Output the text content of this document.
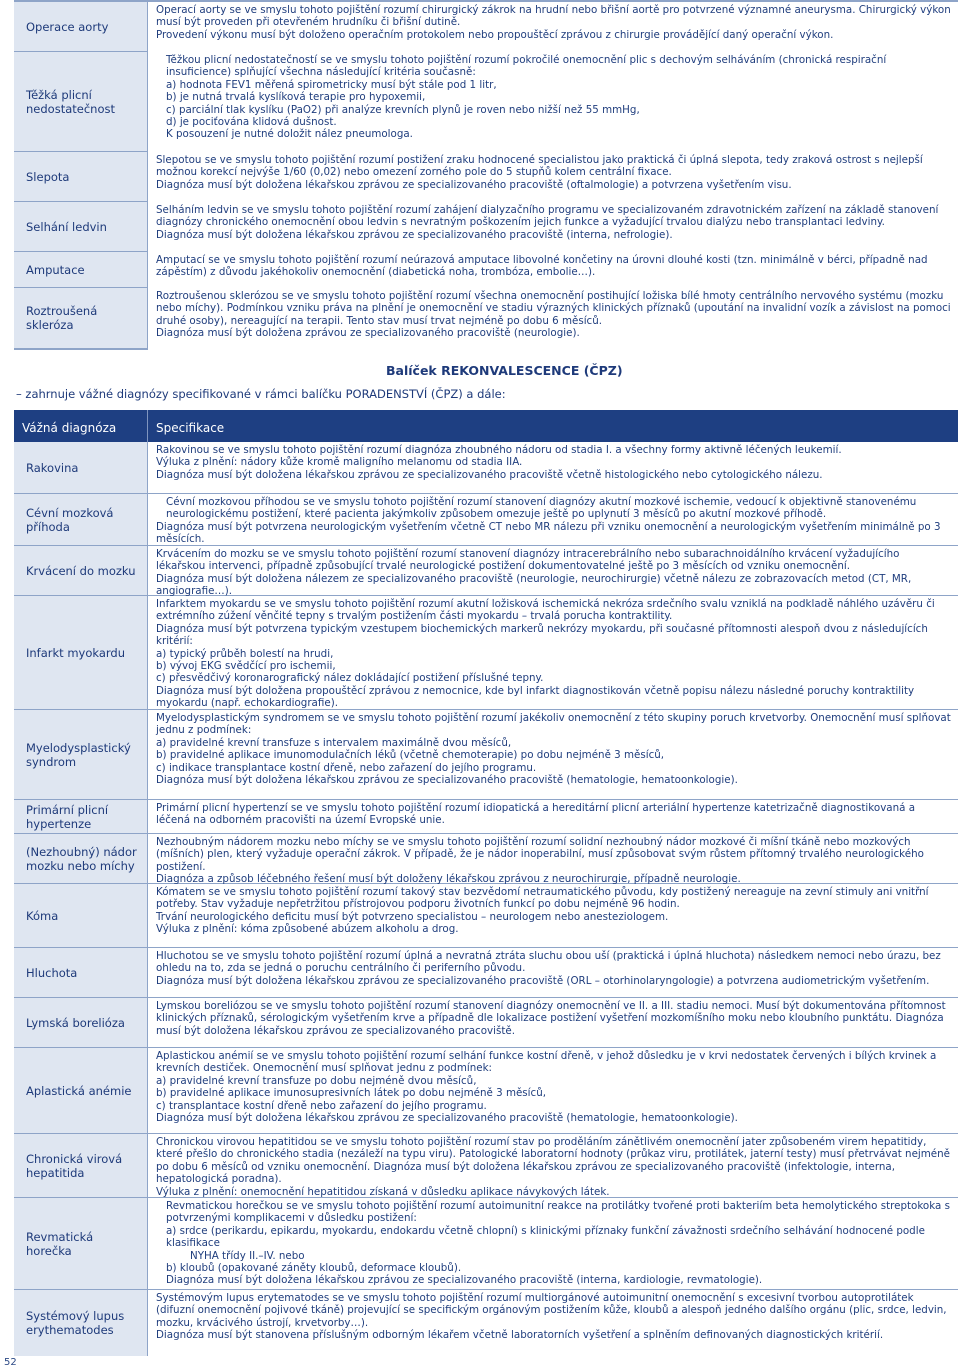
Operace aorty

Operací aorty se ve smyslu tohoto pojištění rozumí chirurgický zákrok na hrudní nebo břišní aortě pro potvrzené významné aneurysma. Chirurgický výkon musí být proveden při otevřeném hrudníku či břišní dutině.

Provedení výkonu musí být doloženo operačním protokolem nebo propouštěcí zprávou z chirurgie provádějící daný operační výkon.

Těžká plicní nedostatečnost

Těžkou plicní nedostatečností se ve smyslu tohoto pojištění rozumí pokročilé onemocnění plic s dechovým selháváním (chronická respirační insuficience) splňující všechna následující kritéria současně:

a) hodnota FEV1 měřená spirometricky musí být stále pod 1 litr,

b) je nutná trvalá kyslíková terapie pro hypoxemii,

c) parciální tlak kyslíku (PaO2) při analýze krevních plynů je roven nebo nižší než 55 mmHg,

d) je pociťována klidová dušnost.

K posouzení je nutné doložit nález pneumologa.

Slepota

Slepotou se ve smyslu tohoto pojištění rozumí postižení zraku hodnocené specialistou jako praktická či úplná slepota, tedy zraková ostrost s nejlepší možnou korekcí nejvýše 1/60 (0,02) nebo omezení zorného pole do 5 stupňů kolem centrální fixace.

Diagnóza musí být doložena lékařskou zprávou ze specializovaného pracoviště (oftalmologie) a potvrzena vyšetřením visu.

Selhání ledvin

Selháním ledvin se ve smyslu tohoto pojištění rozumí zahájení dialyzačního programu ve specializovaném zdravotnickém zařízení na základě stanovení diagnózy chronického onemocnění obou ledvin s nevratným poškozením jejich funkce a vyžadující trvalou dialýzu nebo transplantaci ledviny.

Diagnóza musí být doložena lékařskou zprávou ze specializovaného pracoviště (interna, nefrologie).

Amputace

Amputací se ve smyslu tohoto pojištění rozumí neúrazová amputace libovolné končetiny na úrovni dlouhé kosti (tzn. minimálně v bérci, případně nad zápěstím) z důvodu jakéhokoliv onemocnění (diabetická noha, trombóza, embolie…).

Roztroušená skleróza

Roztroušenou sklerózou se ve smyslu tohoto pojištění rozumí všechna onemocnění postihující ložiska bílé hmoty centrálního nervového systému (mozku nebo míchy). Podmínkou vzniku práva na plnění je onemocnění ve stadiu výrazných klinických příznaků (upoutání na invalidní vozík a závislost na pomoci druhé osoby), nereagující na terapii. Tento stav musí trvat nejméně po dobu 6 měsíců.

Diagnóza musí být doložena zprávou ze specializovaného pracoviště (neurologie).

Balíček REKONVALESCENCE (ČPZ)
– zahrnuje vážné diagnózy specifikované v rámci balíčku PORADENSTVÍ (ČPZ) a dále:
Vážná diagnóza	Specifikace
Rakovina

Rakovinou se ve smyslu tohoto pojištění rozumí diagnóza zhoubného nádoru od stadia I. a všechny formy aktivně léčených leukemií.

Výluka z plnění: nádory kůže kromě maligního melanomu od stadia IIA.

Diagnóza musí být doložena lékařskou zprávou ze specializovaného pracoviště včetně histologického nebo cytologického nálezu.

Cévní mozková příhoda

Cévní mozkovou příhodou se ve smyslu tohoto pojištění rozumí stanovení diagnózy akutní mozkové ischemie, vedoucí k objektivně stanovenému neurologickému postižení, které pacienta jakýmkoliv způsobem omezuje ještě po uplynutí 3 měsíců po akutní mozkové příhodě.

Diagnóza musí být potvrzena neurologickým vyšetřením včetně CT nebo MR nálezu při vzniku onemocnění a neurologickým vyšetřením minimálně po 3 měsících.

Krvácení do mozku

Krvácením do mozku se ve smyslu tohoto pojištění rozumí stanovení diagnózy intracerebrálního nebo subarachnoidálního krvácení vyžadujícího lékařskou intervenci, případně způsobující trvalé neurologické postižení dokumentovatelné ještě po 3 měsících od vzniku onemocnění.

Diagnóza musí být doložena nálezem ze specializovaného pracoviště (neurologie, neurochirurgie) včetně nálezu ze zobrazovacích metod (CT, MR, angiografie…).

Infarkt myokardu

Infarktem myokardu se ve smyslu tohoto pojištění rozumí akutní ložisková ischemická nekróza srdečního svalu vzniklá na podkladě náhlého uzávěru či extrémního zúžení věnčité tepny s trvalým postižením části myokardu – trvalá porucha kontraktility.

Diagnóza musí být potvrzena typickým vzestupem biochemických markerů nekrózy myokardu, při současné přítomnosti alespoň dvou z následujících kritérií:

a) typický průběh bolestí na hrudi,

b) vývoj EKG svědčící pro ischemii,

c) přesvědčivý koronarografický nález dokládající postižení příslušné tepny.

Diagnóza musí být doložena propouštěcí zprávou z nemocnice, kde byl infarkt diagnostikován včetně popisu nálezu následné poruchy kontraktility myokardu (např. echokardiografie).

Myelodysplastický syndrom

Myelodysplastickým syndromem se ve smyslu tohoto pojištění rozumí jakékoliv onemocnění z této skupiny poruch krvetvorby. Onemocnění musí splňovat jednu z podmínek:

a) pravidelné krevní transfuze s intervalem maximálně dvou měsíců,

b) pravidelné aplikace imunomodulačních léků (včetně chemoterapie) po dobu nejméně 3 měsíců,

c) indikace transplantace kostní dřeně, nebo zařazení do jejího programu.

Diagnóza musí být doložena lékařskou zprávou ze specializovaného pracoviště (hematologie, hematoonkologie).

Primární plicní hypertenze

Primární plicní hypertenzí se ve smyslu tohoto pojištění rozumí idiopatická a hereditární plicní arteriální hypertenze katetrizačně diagnostikovaná a léčená na odborném pracovišti na území Evropské unie.

(Nezhoubný) nádor mozku nebo míchy

Nezhoubným nádorem mozku nebo míchy se ve smyslu tohoto pojištění rozumí solidní nezhoubný nádor mozkové či míšní tkáně nebo mozkových (míšních) plen, který vyžaduje operační zákrok. V případě, že je nádor inoperabilní, musí způsobovat svým růstem přítomný trvalého neurologického postižení.

Diagnóza a způsob léčebného řešení musí být doloženy lékařskou zprávou z neurochirurgie, případně neurologie.

Kóma

Kómatem se ve smyslu tohoto pojištění rozumí takový stav bezvědomí netraumatického původu, kdy postižený nereaguje na zevní stimuly ani vnitřní potřeby. Stav vyžaduje nepřetržitou přístrojovou podporu životních funkcí po dobu nejméně 96 hodin.

Trvání neurologického deficitu musí být potvrzeno specialistou – neurologem nebo anesteziologem.

Výluka z plnění: kóma způsobené abúzem alkoholu a drog.

Hluchota

Hluchotou se ve smyslu tohoto pojištění rozumí úplná a nevratná ztráta sluchu obou uší (praktická i úplná hluchota) následkem nemoci nebo úrazu, bez ohledu na to, zda se jedná o poruchu centrálního či periferního původu.

Diagnóza musí být doložena lékařskou zprávou ze specializovaného pracoviště (ORL – otorhinolaryngologie) a potvrzena audiometrickým vyšetřením.

Lymská borelióza

Lymskou boreliózou se ve smyslu tohoto pojištění rozumí stanovení diagnózy onemocnění ve II. a III. stadiu nemoci. Musí být dokumentována přítomnost klinických příznaků, sérologickým vyšetřením krve a případně dle lokalizace postižení vyšetření mozkomíšního moku nebo kloubního punktátu. Diagnóza musí být doložena lékařskou zprávou ze specializovaného pracoviště.

Aplastická anémie

Aplastickou anémií se ve smyslu tohoto pojištění rozumí selhání funkce kostní dřeně, v jehož důsledku je v krvi nedostatek červených i bílých krvinek a krevních destiček. Onemocnění musí splňovat jednu z podmínek:

a) pravidelné krevní transfuze po dobu nejméně dvou měsíců,

b) pravidelné aplikace imunosupresivních látek po dobu nejméně 3 měsíců,

c) transplantace kostní dřeně nebo zařazení do jejího programu.

Diagnóza musí být doložena lékařskou zprávou ze specializovaného pracoviště (hematologie, hematoonkologie).

Chronická virová hepatitida

Chronickou virovou hepatitidou se ve smyslu tohoto pojištění rozumí stav po proděláním zánětlivém onemocnění jater způsobeném virem hepatitidy, které přešlo do chronického stadia (nezáleží na typu viru). Patologické laboratorní hodnoty (průkaz viru, protilátek, jaterní testy) musí přetrvávat nejméně po dobu 6 měsíců od vzniku onemocnění. Diagnóza musí být doložena lékařskou zprávou ze specializovaného pracoviště (infektologie, interna, hepatologická poradna).

Výluka z plnění: onemocnění hepatitidou získaná v důsledku aplikace návykových látek.

Revmatická horečka

Revmatickou horečkou se ve smyslu tohoto pojištění rozumí autoimunitní reakce na protilátky tvořené proti bakteriím beta hemolytického streptokoka s potvrzenými komplikacemi v důsledku postižení:

a) srdce (perikardu, epikardu, myokardu, endokardu včetně chlopní) s klinickými příznaky funkční závažnosti srdečního selhávání hodnocené podle klasifikace

NYHA třídy II.–IV. nebo

b) kloubů (opakované záněty kloubů, deformace kloubů).

Diagnóza musí být doložena lékařskou zprávou ze specializovaného pracoviště (interna, kardiologie, revmatologie).

Systémový lupus erythematodes

Systémovým lupus erytematodes se ve smyslu tohoto pojištění rozumí multiorgánové autoimunitní onemocnění s excesivní tvorbou autoprotilátek (difuzní onemocnění pojivové tkáně) projevující se specifickým orgánovým postižením kůže, kloubů a alespoň jedného dalšího orgánu (plic, srdce, ledvin, mozku, krvácivého ústrojí, krvetvorby…).

Diagnóza musí být stanovena příslušným odborným lékařem včetně laboratorních vyšetření a splněním definovaných diagnostických kritérií.

52
